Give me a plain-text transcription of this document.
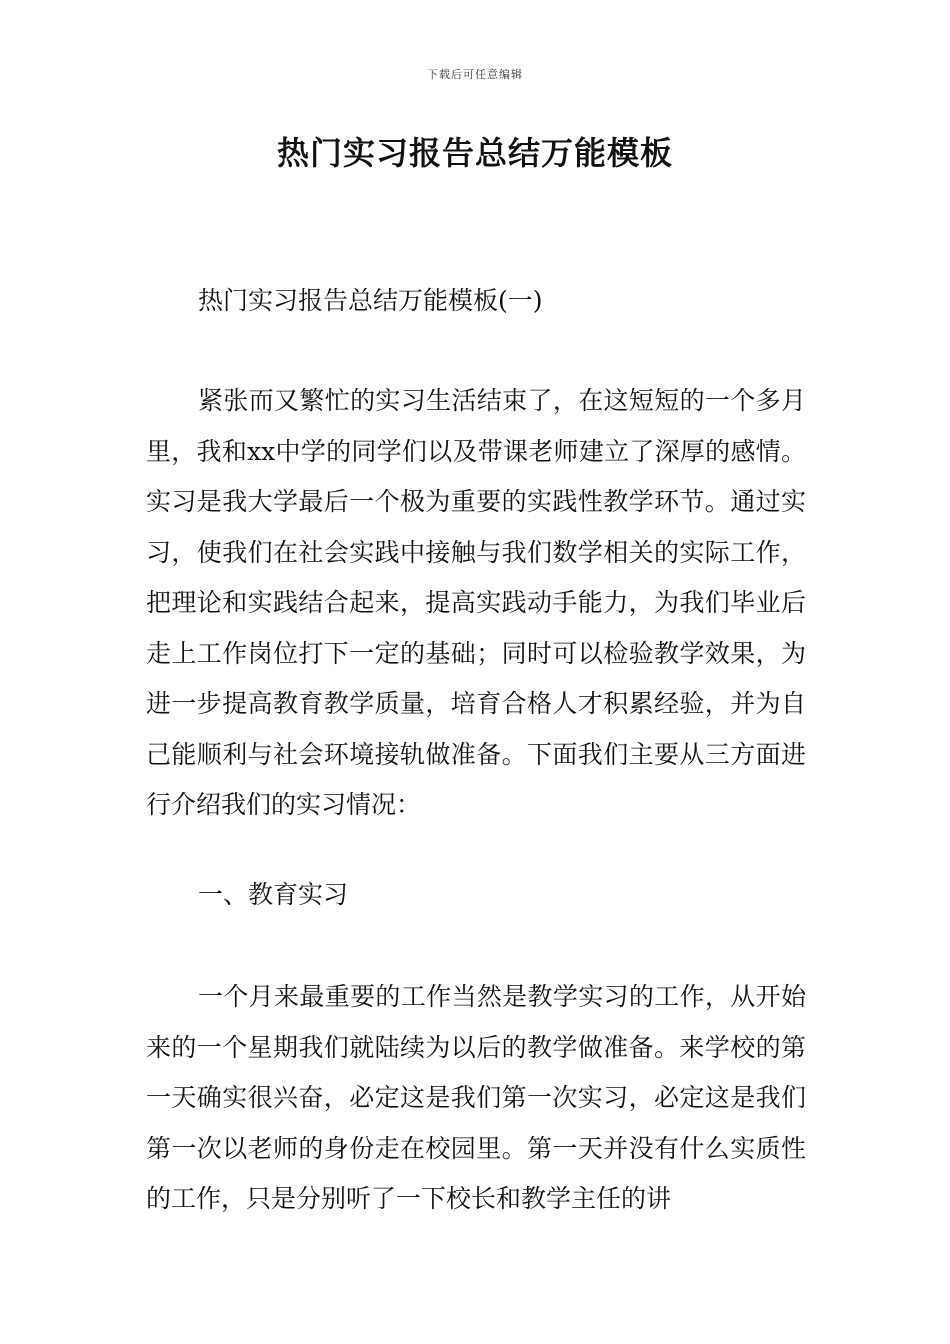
下载后可任意编辑
热门实习报告总结万能模板

热门实习报告总结万能模板(一)

紧张而又繁忙的实习生活结束了，在这短短的一个多月里，我和xx中学的同学们以及带课老师建立了深厚的感情。实习是我大学最后一个极为重要的实践性教学环节。通过实习，使我们在社会实践中接触与我们数学相关的实际工作，把理论和实践结合起来，提高实践动手能力，为我们毕业后走上工作岗位打下一定的基础；同时可以检验教学效果，为进一步提高教育教学质量，培育合格人才积累经验，并为自己能顺利与社会环境接轨做准备。下面我们主要从三方面进行介绍我们的实习情况：

一、教育实习

一个月来最重要的工作当然是教学实习的工作，从开始来的一个星期我们就陆续为以后的教学做准备。来学校的第一天确实很兴奋，必定这是我们第一次实习，必定这是我们第一次以老师的身份走在校园里。第一天并没有什么实质性的工作，只是分别听了一下校长和教学主任的讲
